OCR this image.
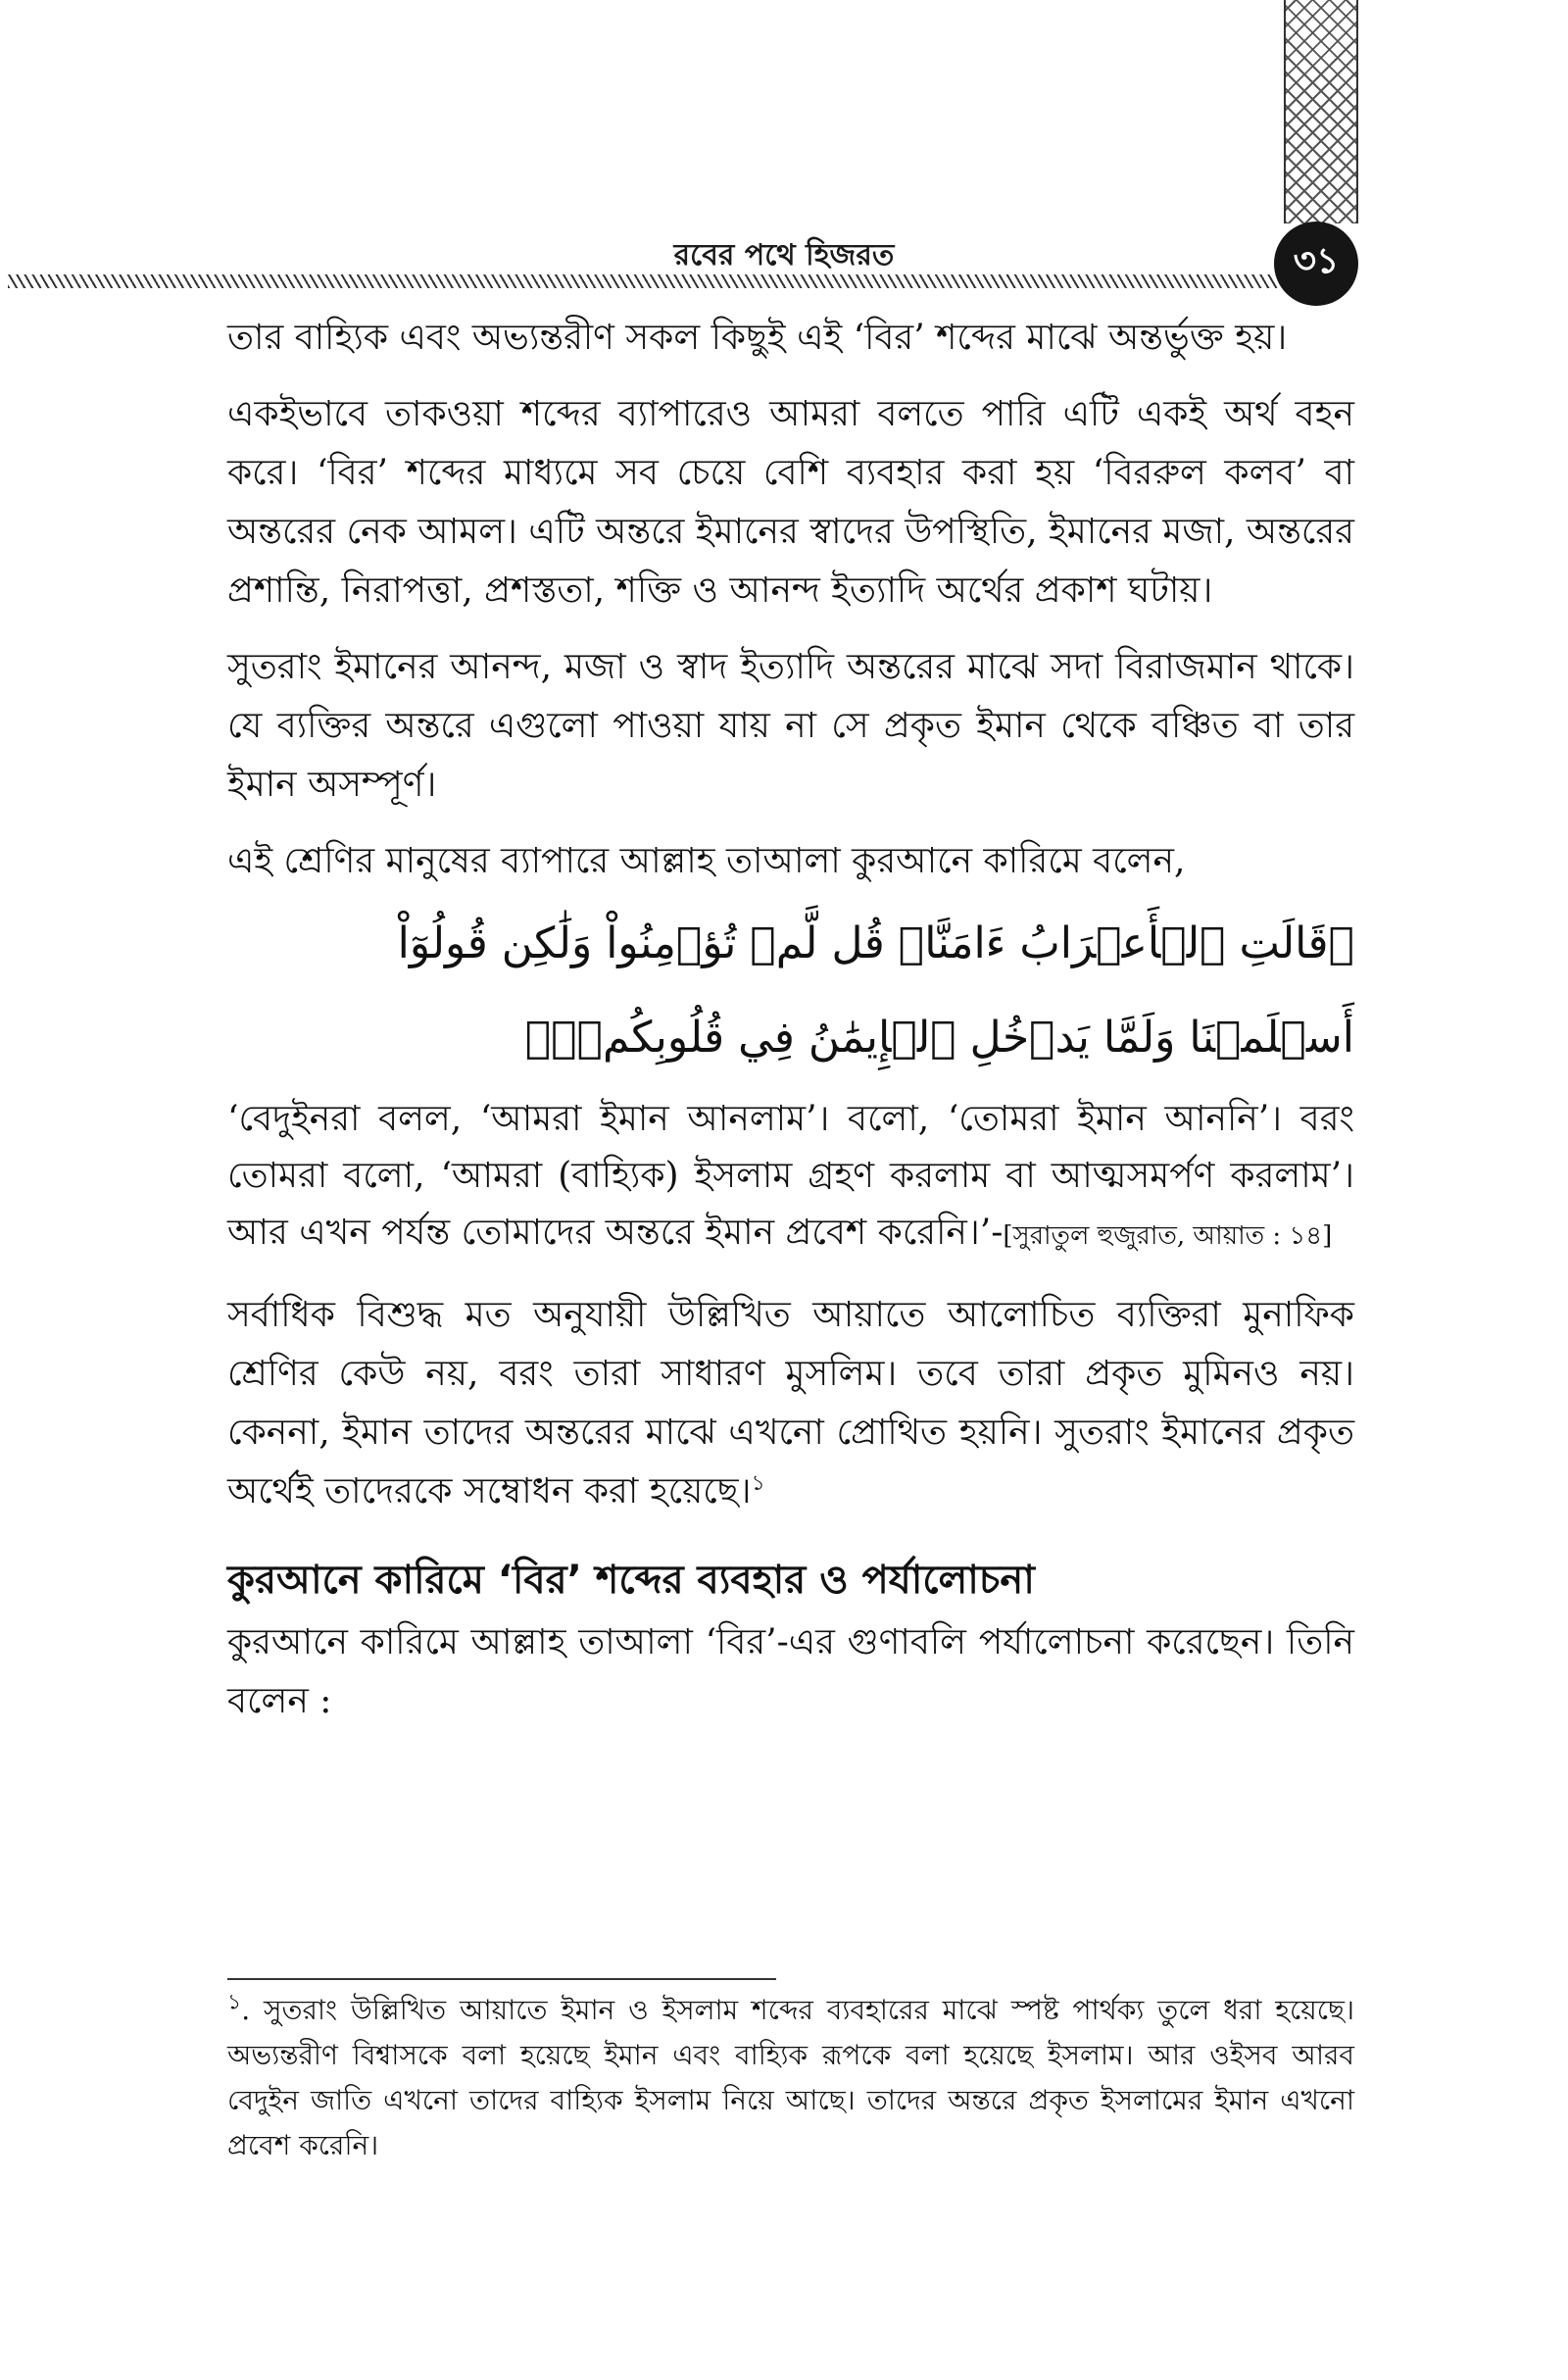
রবের পথে হিজরত	৩১

তার বাহ্যিক এবং অভ্যন্তরীণ সকল কিছুই এই ‘বির’ শব্দের মাঝে অন্তর্ভুক্ত হয়।

একইভাবে তাকওয়া শব্দের ব্যাপারেও আমরা বলতে পারি এটি একই অর্থ বহন করে। ‘বির’ শব্দের মাধ্যমে সব চেয়ে বেশি ব্যবহার করা হয় ‘বিররুল কলব’ বা অন্তরের নেক আমল। এটি অন্তরে ইমানের স্বাদের উপস্থিতি, ইমানের মজা, অন্তরের প্রশান্তি, নিরাপত্তা, প্রশস্ততা, শক্তি ও আনন্দ ইত্যাদি অর্থের প্রকাশ ঘটায়।

সুতরাং ইমানের আনন্দ, মজা ও স্বাদ ইত্যাদি অন্তরের মাঝে সদা বিরাজমান থাকে। যে ব্যক্তির অন্তরে এগুলো পাওয়া যায় না সে প্রকৃত ইমান থেকে বঞ্চিত বা তার ইমান অসম্পূর্ণ।

এই শ্রেণির মানুষের ব্যাপারে আল্লাহ তাআলা কুরআনে কারিমে বলেন,

﴿قَالَتِ ٱلۡأَعۡرَابُ ءَامَنَّاۖ قُل لَّمۡ تُؤۡمِنُواْ وَلَٰكِن قُولُوٓاْ أَسۡلَمۡنَا وَلَمَّا يَدۡخُلِ ٱلۡإِيمَٰنُ فِي قُلُوبِكُمۡۖ﴾

‘বেদুইনরা বলল, ‘আমরা ইমান আনলাম’। বলো, ‘তোমরা ইমান আননি’। বরং তোমরা বলো, ‘আমরা (বাহ্যিক) ইসলাম গ্রহণ করলাম বা আত্মসমর্পণ করলাম’। আর এখন পর্যন্ত তোমাদের অন্তরে ইমান প্রবেশ করেনি।’-[সুরাতুল হুজুরাত, আয়াত : ১৪]

সর্বাধিক বিশুদ্ধ মত অনুযায়ী উল্লিখিত আয়াতে আলোচিত ব্যক্তিরা মুনাফিক শ্রেণির কেউ নয়, বরং তারা সাধারণ মুসলিম। তবে তারা প্রকৃত মুমিনও নয়। কেননা, ইমান তাদের অন্তরের মাঝে এখনো প্রোথিত হয়নি। সুতরাং ইমানের প্রকৃত অর্থেই তাদেরকে সম্বোধন করা হয়েছে।$^১$

কুরআনে কারিমে ‘বির’ শব্দের ব্যবহার ও পর্যালোচনা

কুরআনে কারিমে আল্লাহ তাআলা ‘বির’-এর গুণাবলি পর্যালোচনা করেছেন। তিনি বলেন :

$^১$. সুতরাং উল্লিখিত আয়াতে ইমান ও ইসলাম শব্দের ব্যবহারের মাঝে স্পষ্ট পার্থক্য তুলে ধরা হয়েছে। অভ্যন্তরীণ বিশ্বাসকে বলা হয়েছে ইমান এবং বাহ্যিক রূপকে বলা হয়েছে ইসলাম। আর ওইসব আরব বেদুইন জাতি এখনো তাদের বাহ্যিক ইসলাম নিয়ে আছে। তাদের অন্তরে প্রকৃত ইসলামের ইমান এখনো প্রবেশ করেনি।
